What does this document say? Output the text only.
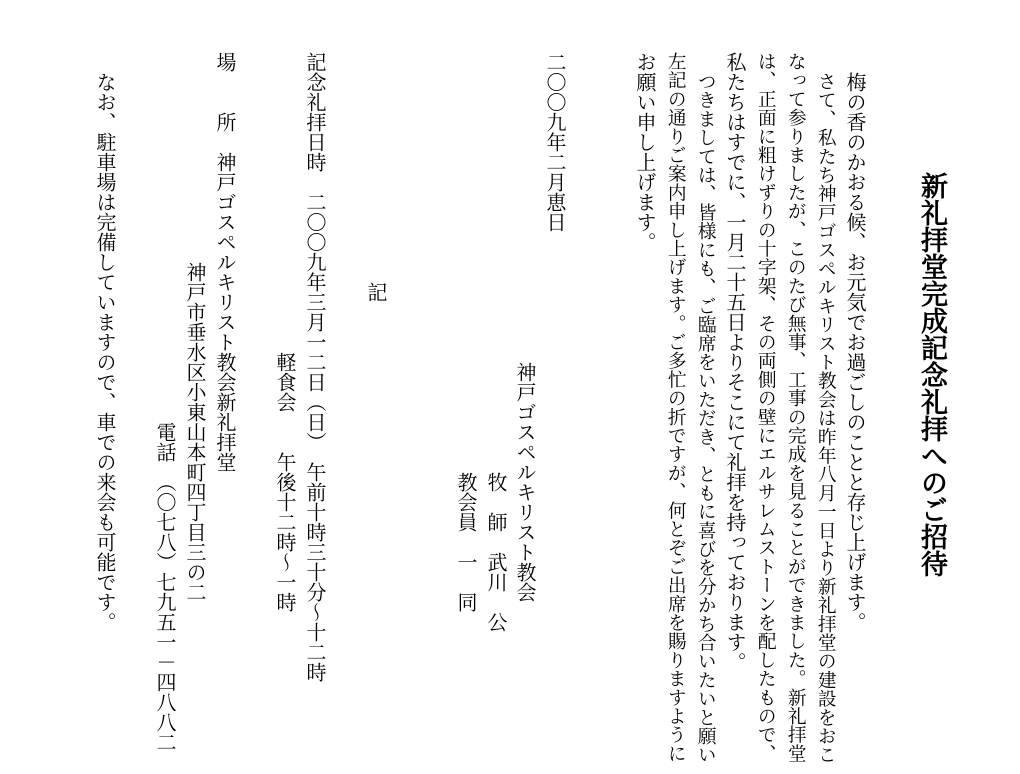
新礼拝堂完成記念礼拝へのご招待
梅の香のかおる候、お元気でお過ごしのことと存じ上げます。
さて、私たち神戸ゴスペルキリスト教会は昨年八月一日より新礼拝堂の建設をおこ
なって参りましたが、このたび無事、工事の完成を見ることができました。新礼拝堂
は、正面に粗けずりの十字架、その両側の壁にエルサレムストーンを配したもので、
私たちはすでに、一月二十五日よりそこにて礼拝を持っております。
つきましては、皆様にも、ご臨席をいただき、ともに喜びを分かち合いたいと願い
左記の通りご案内申し上げます。ご多忙の折ですが、何とぞご出席を賜りますように
お願い申し上げます。
神戸ゴスペルキリスト教会
牧　師　武川　公
教会員　一　同
二〇〇九年二月恵日
記
記念礼拝日時
二〇〇九年三月一二日（日）　午前十時三十分～十二時
軽食会　　午後十二時～一時
場　　所
神戸ゴスペルキリスト教会新礼拝堂
神戸市垂水区小東山本町四丁目三の二
電話　（〇七八）七九五一－四八八二
なお、駐車場は完備していますので、車での来会も可能です。
